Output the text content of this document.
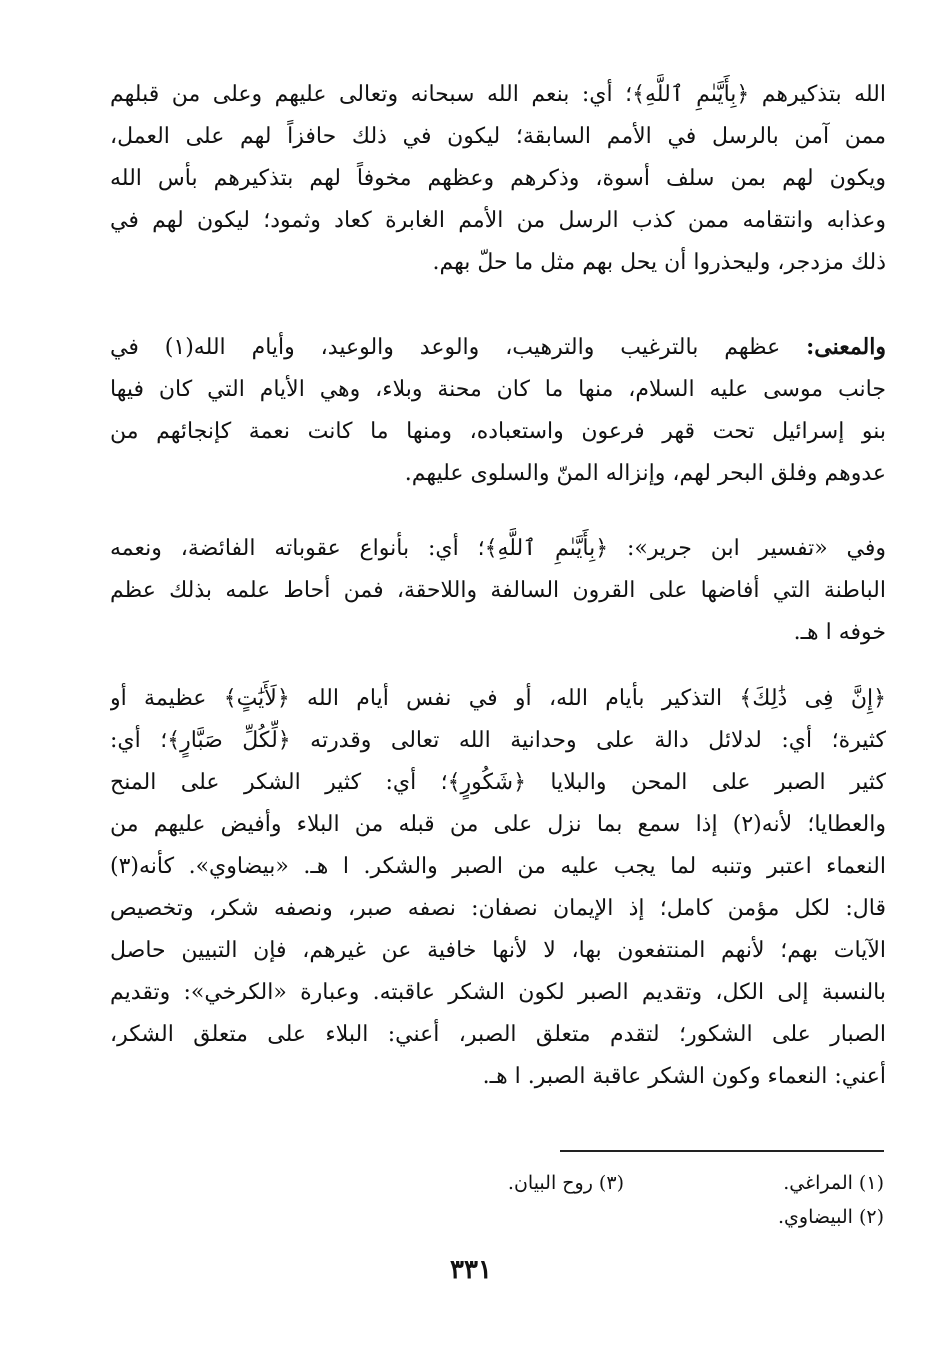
الله بتذكيرهم ﴿بِأَيَّىٰمِ ٱللَّهِ﴾؛ أي: بنعم الله سبحانه وتعالى عليهم وعلى من قبلهم
ممن آمن بالرسل في الأمم السابقة؛ ليكون في ذلك حافزاً لهم على العمل،
ويكون لهم بمن سلف أسوة، وذكرهم وعظهم مخوفاً لهم بتذكيرهم بأس الله
وعذابه وانتقامه ممن كذب الرسل من الأمم الغابرة كعاد وثمود؛ ليكون لهم في
ذلك مزدجر، وليحذروا أن يحل بهم مثل ما حلّ بهم.
والمعنى: عظهم بالترغيب والترهيب، والوعد والوعيد، وأيام الله(١) في
جانب موسى عليه السلام، منها ما كان محنة وبلاء، وهي الأيام التي كان فيها
بنو إسرائيل تحت قهر فرعون واستعباده، ومنها ما كانت نعمة كإنجائهم من
عدوهم وفلق البحر لهم، وإنزاله المنّ والسلوى عليهم.
وفي «تفسير ابن جرير»: ﴿بِأَيَّىٰمِ ٱللَّهِ﴾؛ أي: بأنواع عقوباته الفائضة، ونعمه
الباطنة التي أفاضها على القرون السالفة واللاحقة، فمن أحاط علمه بذلك عظم
خوفه ا هـ.
﴿إِنَّ فِى ذَٰلِكَ﴾ التذكير بأيام الله، أو في نفس أيام الله ﴿لَأَيَٰتٍ﴾ عظيمة أو
كثيرة؛ أي: لدلائل دالة على وحدانية الله تعالى وقدرته ﴿لِّكُلِّ صَبَّارٍ﴾؛ أي:
كثير الصبر على المحن والبلايا ﴿شَكُورٍ﴾؛ أي: كثير الشكر على المنح
والعطايا؛ لأنه(٢) إذا سمع بما نزل على من قبله من البلاء وأفيض عليهم من
النعماء اعتبر وتنبه لما يجب عليه من الصبر والشكر. ا هـ. «بيضاوي». كأنه(٣)
قال: لكل مؤمن كامل؛ إذ الإيمان نصفان: نصفه صبر، ونصفه شكر، وتخصيص
الآيات بهم؛ لأنهم المنتفعون بها، لا لأنها خافية عن غيرهم، فإن التبيين حاصل
بالنسبة إلى الكل، وتقديم الصبر لكون الشكر عاقبته. وعبارة «الكرخي»: وتقديم
الصبار على الشكور؛ لتقدم متعلق الصبر، أعني: البلاء على متعلق الشكر،
أعني: النعماء وكون الشكر عاقبة الصبر. ا هـ.
(١) المراغي.
(٣) روح البيان.
(٢) البيضاوي.
٣٣١
